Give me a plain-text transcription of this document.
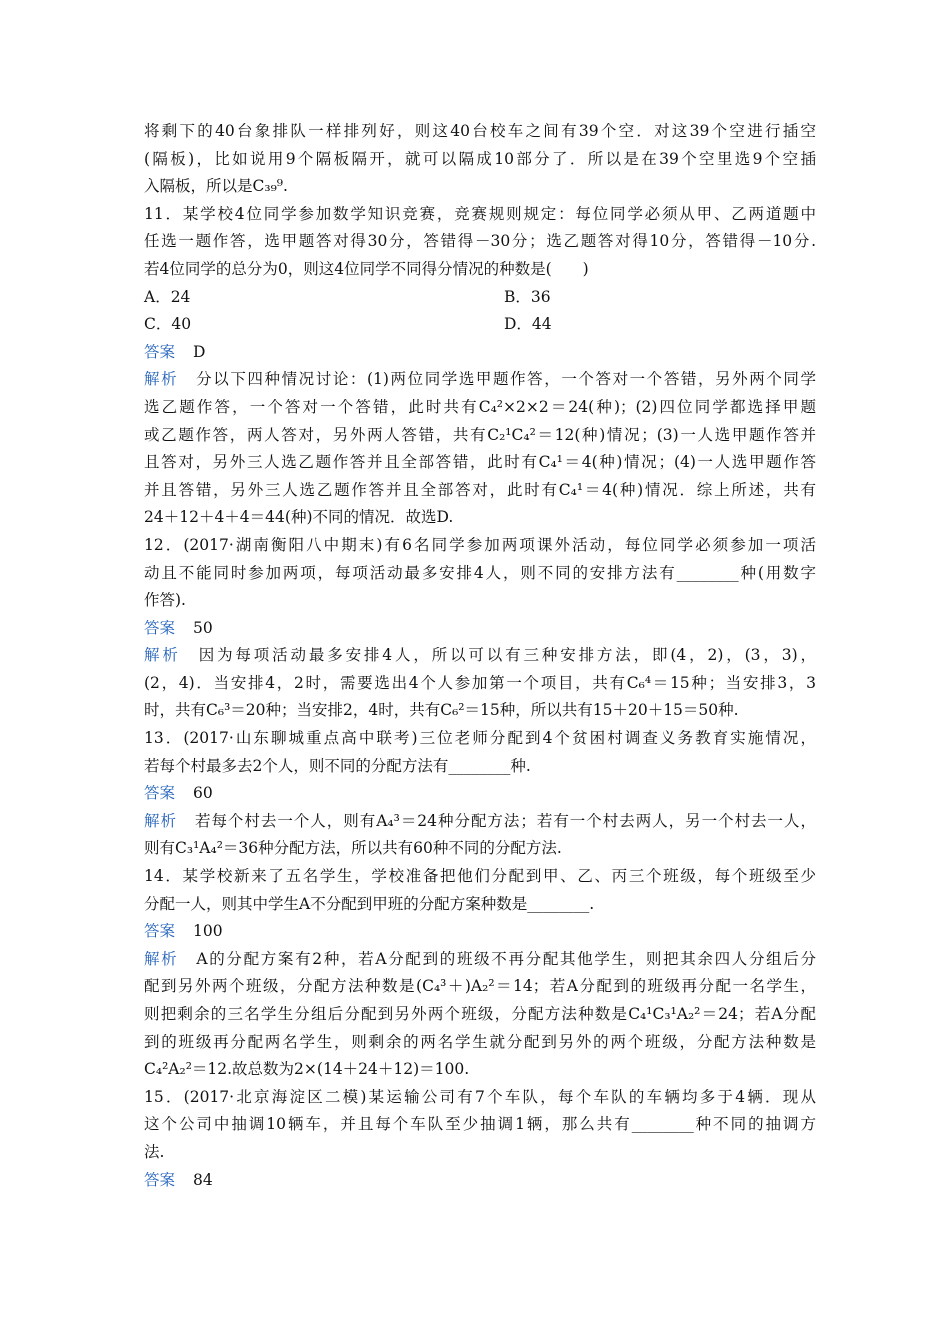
将剩下的40台象排队一样排列好，则这40台校车之间有39个空．对这39个空进行插空
(隔板)，比如说用9个隔板隔开，就可以隔成10部分了．所以是在39个空里选9个空插
入隔板，所以是C₃₉⁹.
11．某学校4位同学参加数学知识竞赛，竞赛规则规定：每位同学必须从甲、乙两道题中
任选一题作答，选甲题答对得30分，答错得－30分；选乙题答对得10分，答错得－10分.
若4位同学的总分为0，则这4位同学不同得分情况的种数是(　　)
A．24	B．36
C．40	D．44
答案 D
解析 分以下四种情况讨论：(1)两位同学选甲题作答，一个答对一个答错，另外两个同学
选乙题作答，一个答对一个答错，此时共有C₄²×2×2＝24(种)；(2)四位同学都选择甲题
或乙题作答，两人答对，另外两人答错，共有C₂¹C₄²＝12(种)情况；(3)一人选甲题作答并
且答对，另外三人选乙题作答并且全部答错，此时有C₄¹＝4(种)情况；(4)一人选甲题作答
并且答错，另外三人选乙题作答并且全部答对，此时有C₄¹＝4(种)情况．综上所述，共有
24＋12＋4＋4＝44(种)不同的情况．故选D.
12．(2017·湖南衡阳八中期末)有6名同学参加两项课外活动，每位同学必须参加一项活
动且不能同时参加两项，每项活动最多安排4人，则不同的安排方法有________种(用数字
作答).
答案 50
解析 因为每项活动最多安排4人，所以可以有三种安排方法，即(4，2)，(3，3)，
(2，4)．当安排4，2时，需要选出4个人参加第一个项目，共有C₆⁴＝15种；当安排3，3
时，共有C₆³＝20种；当安排2，4时，共有C₆²＝15种，所以共有15＋20＋15＝50种.
13．(2017·山东聊城重点高中联考)三位老师分配到4个贫困村调查义务教育实施情况，
若每个村最多去2个人，则不同的分配方法有________种.
答案 60
解析 若每个村去一个人，则有A₄³＝24种分配方法；若有一个村去两人，另一个村去一人，
则有C₃¹A₄²＝36种分配方法，所以共有60种不同的分配方法.
14．某学校新来了五名学生，学校准备把他们分配到甲、乙、丙三个班级，每个班级至少
分配一人，则其中学生A不分配到甲班的分配方案种数是________.
答案 100
解析 A的分配方案有2种，若A分配到的班级不再分配其他学生，则把其余四人分组后分
配到另外两个班级，分配方法种数是(C₄³＋)A₂²＝14；若A分配到的班级再分配一名学生，
则把剩余的三名学生分组后分配到另外两个班级，分配方法种数是C₄¹C₃¹A₂²＝24；若A分配
到的班级再分配两名学生，则剩余的两名学生就分配到另外的两个班级，分配方法种数是
C₄²A₂²＝12.故总数为2×(14＋24＋12)＝100.
15．(2017·北京海淀区二模)某运输公司有7个车队，每个车队的车辆均多于4辆．现从
这个公司中抽调10辆车，并且每个车队至少抽调1辆，那么共有________种不同的抽调方
法.
答案 84
